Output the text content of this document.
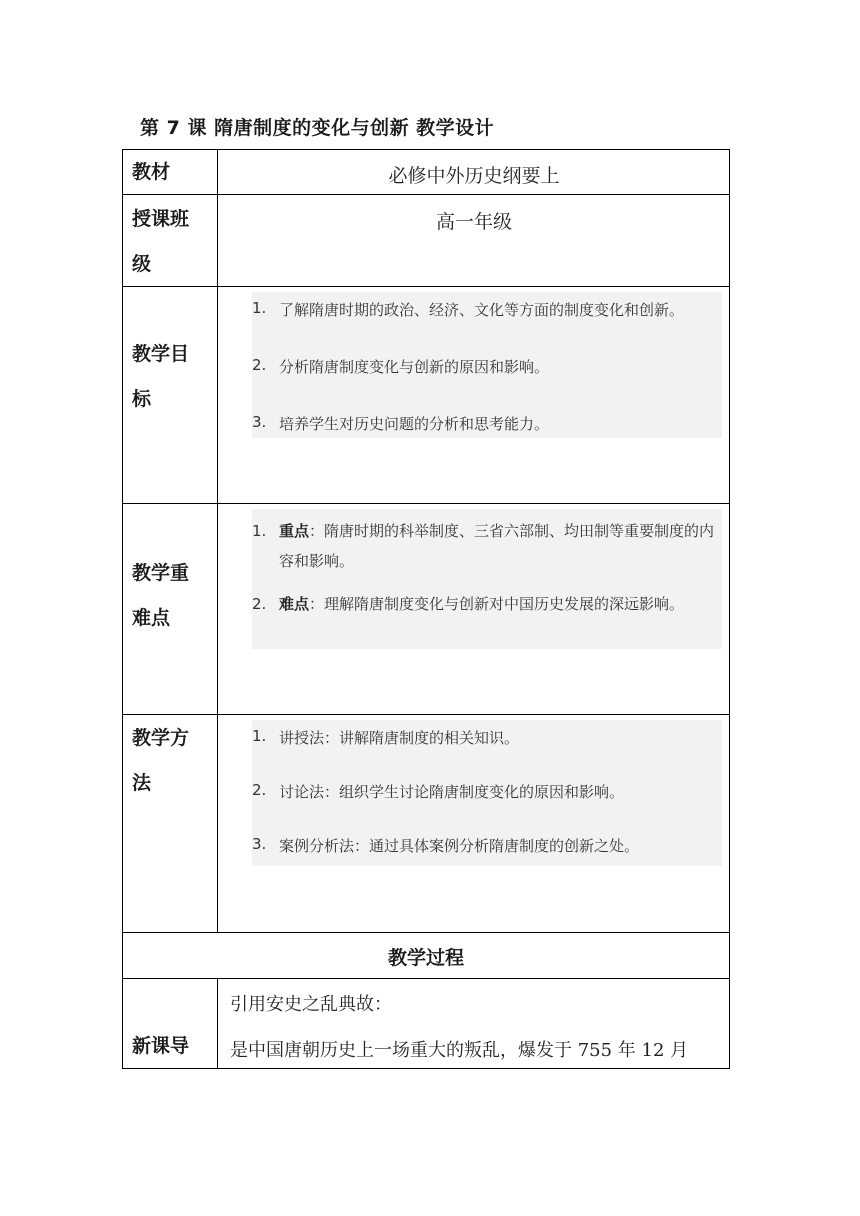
第 7 课 隋唐制度的变化与创新 教学设计
教材	必修中外历史纲要上
授课班
级
高一年级
教学目
标
1. 了解隋唐时期的政治、经济、文化等方面的制度变化和创新。
2. 分析隋唐制度变化与创新的原因和影响。
3. 培养学生对历史问题的分析和思考能力。
教学重
难点
1. 重点：隋唐时期的科举制度、三省六部制、均田制等重要制度的内容和影响。
2. 难点：理解隋唐制度变化与创新对中国历史发展的深远影响。
教学方
法
1. 讲授法：讲解隋唐制度的相关知识。
2. 讨论法：组织学生讨论隋唐制度变化的原因和影响。
3. 案例分析法：通过具体案例分析隋唐制度的创新之处。
教学过程
新课导
引用安史之乱典故：
是中国唐朝历史上一场重大的叛乱，爆发于 755 年 12 月
